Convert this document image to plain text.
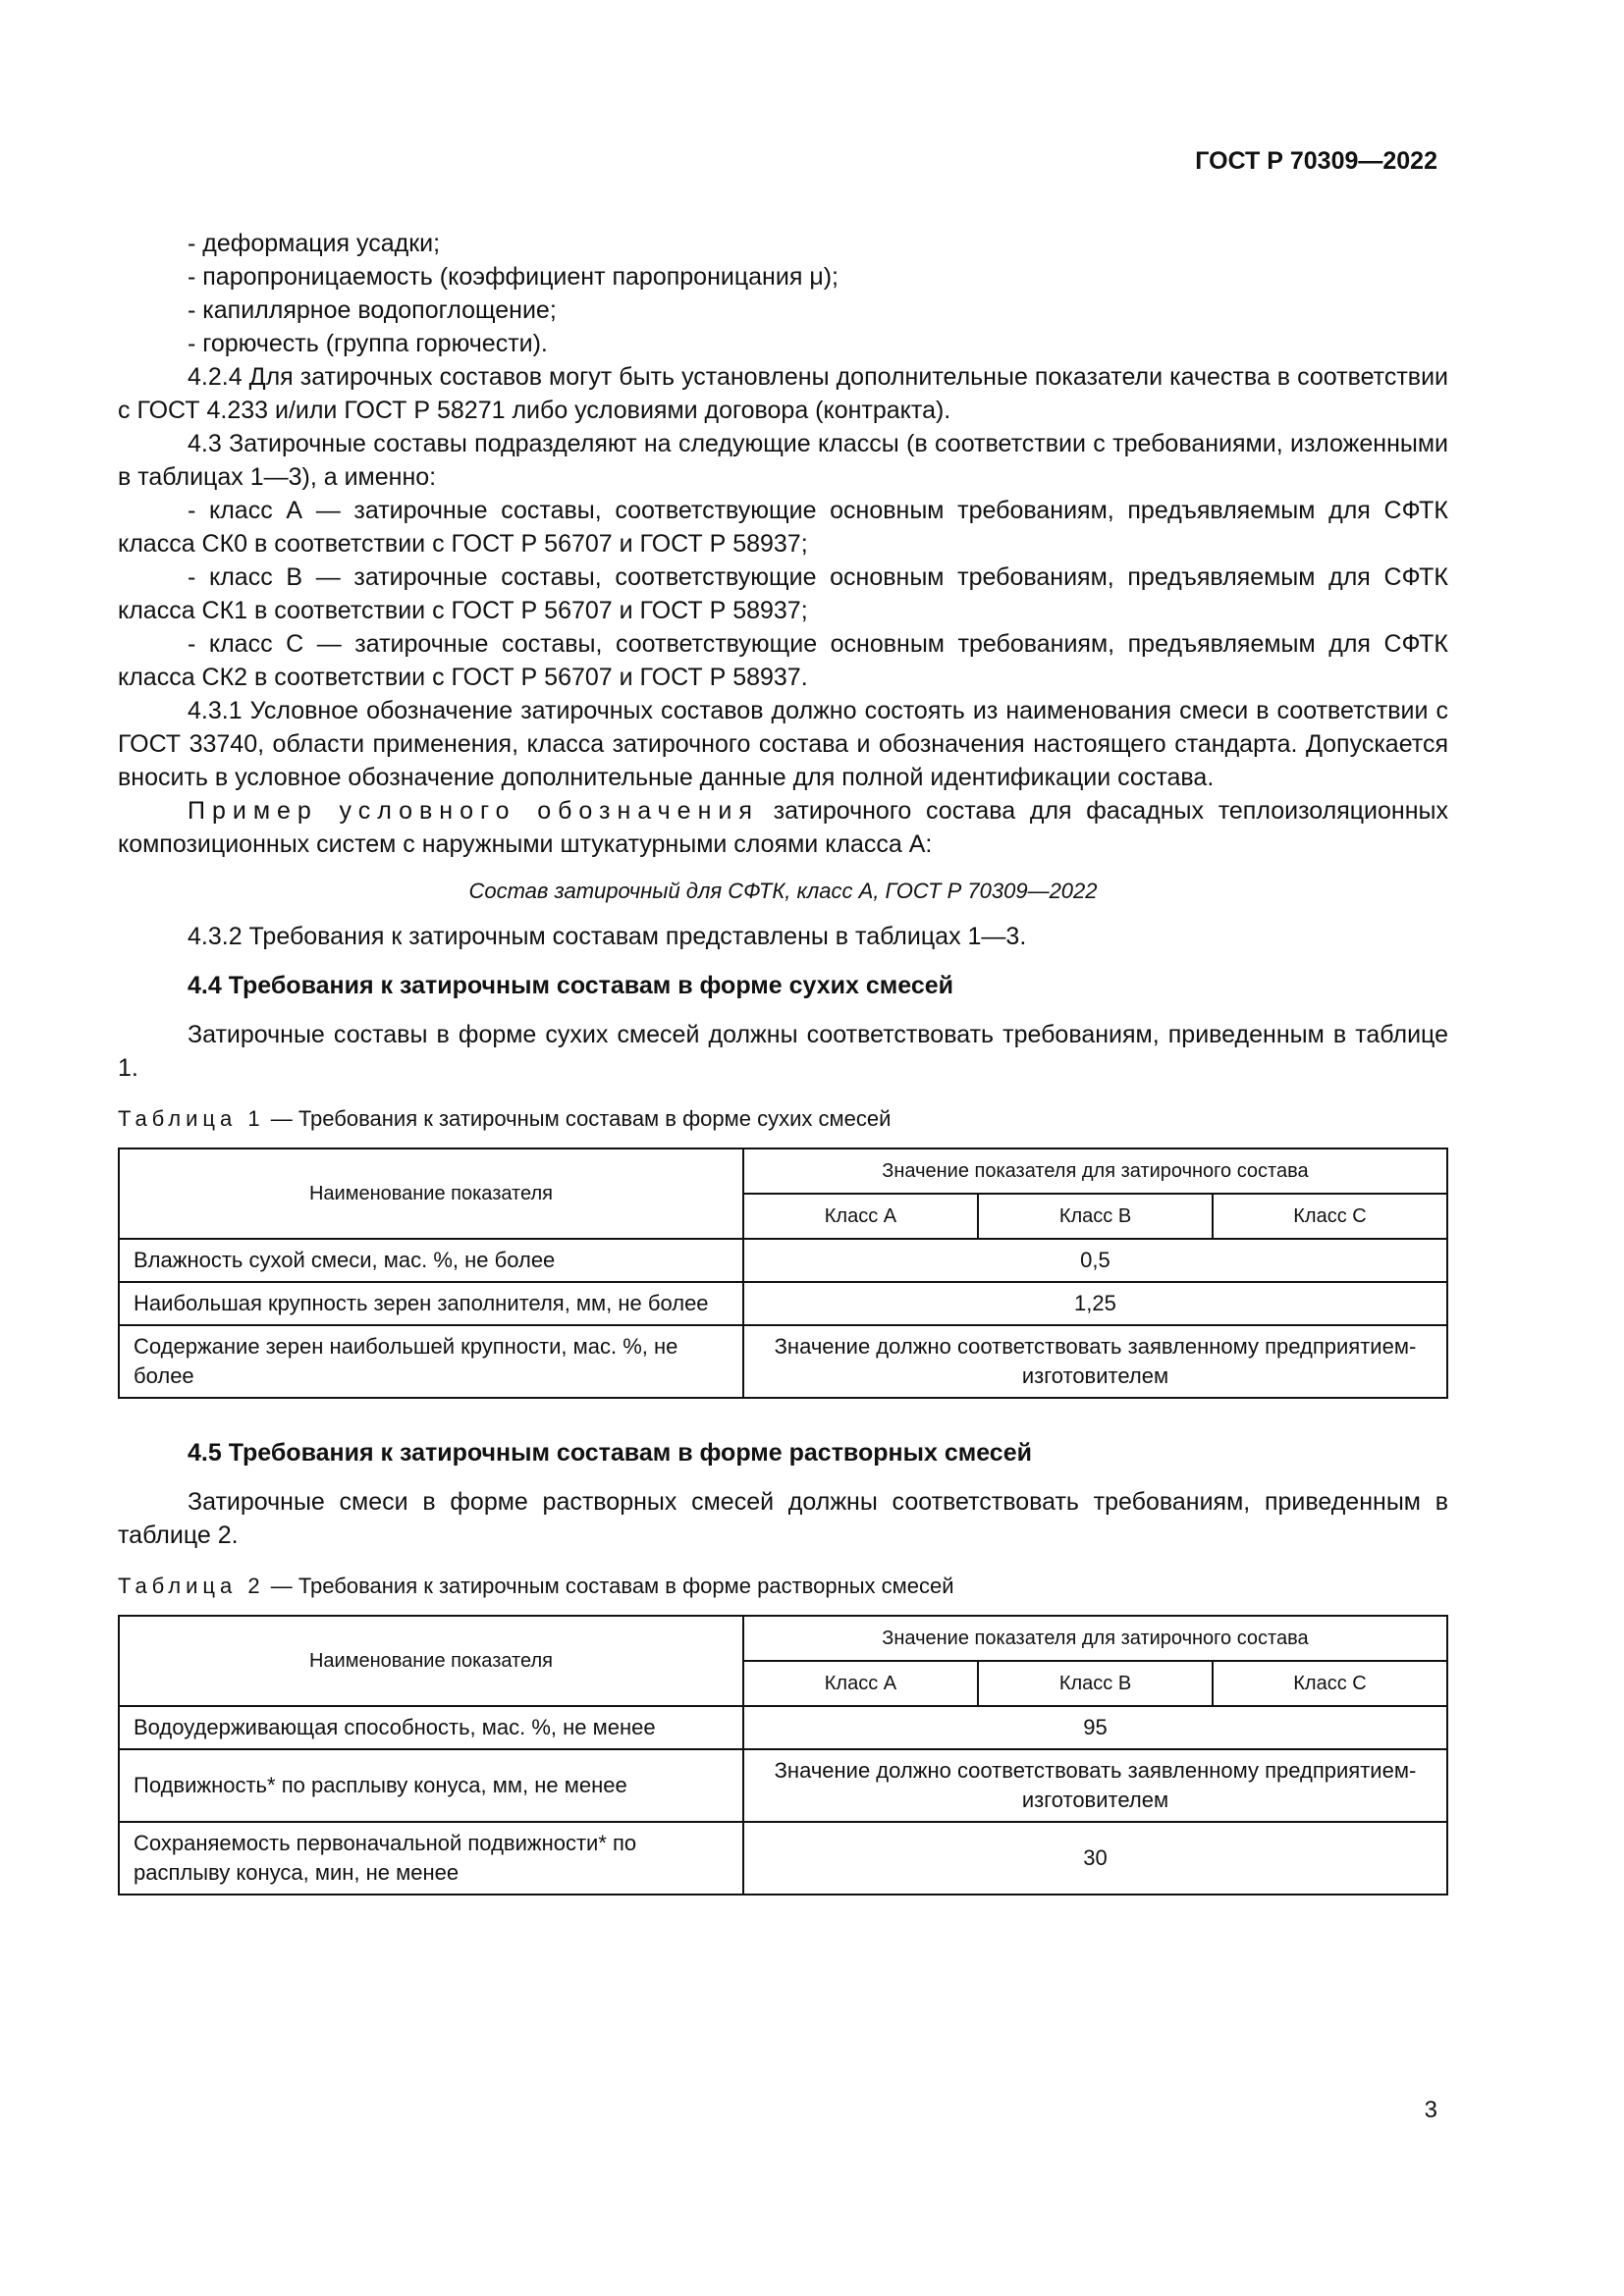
ГОСТ Р 70309—2022

- деформация усадки;

- паропроницаемость (коэффициент паропроницания μ);

- капиллярное водопоглощение;

- горючесть (группа горючести).

4.2.4 Для затирочных составов могут быть установлены дополнительные показатели качества в соответствии с ГОСТ 4.233 и/или ГОСТ Р 58271 либо условиями договора (контракта).

4.3 Затирочные составы подразделяют на следующие классы (в соответствии с требованиями, изложенными в таблицах 1—3), а именно:

- класс А — затирочные составы, соответствующие основным требованиям, предъявляемым для СФТК класса СК0 в соответствии с ГОСТ Р 56707 и ГОСТ Р 58937;

- класс В — затирочные составы, соответствующие основным требованиям, предъявляемым для СФТК класса СК1 в соответствии с ГОСТ Р 56707 и ГОСТ Р 58937;

- класс С — затирочные составы, соответствующие основным требованиям, предъявляемым для СФТК класса СК2 в соответствии с ГОСТ Р 56707 и ГОСТ Р 58937.

4.3.1 Условное обозначение затирочных составов должно состоять из наименования смеси в соответствии с ГОСТ 33740, области применения, класса затирочного состава и обозначения настоящего стандарта. Допускается вносить в условное обозначение дополнительные данные для полной идентификации состава.

Пример условного обозначения затирочного состава для фасадных теплоизоляционных композиционных систем с наружными штукатурными слоями класса А:

Состав затирочный для СФТК, класс А, ГОСТ Р 70309—2022

4.3.2 Требования к затирочным составам представлены в таблицах 1—3.

4.4 Требования к затирочным составам в форме сухих смесей

Затирочные составы в форме сухих смесей должны соответствовать требованиям, приведенным в таблице 1.

Таблица 1 — Требования к затирочным составам в форме сухих смесей

Наименование показателя	Значение показателя для затирочного состава		
	Класс А	Класс В	Класс С
Влажность сухой смеси, мас. %, не более	0,5		
Наибольшая крупность зерен заполнителя, мм, не более	1,25		
Содержание зерен наибольшей крупности, мас. %, не более	Значение должно соответствовать заявленному предприятием-изготовителем		

4.5 Требования к затирочным составам в форме растворных смесей

Затирочные смеси в форме растворных смесей должны соответствовать требованиям, приведенным в таблице 2.

Таблица 2 — Требования к затирочным составам в форме растворных смесей

Наименование показателя	Значение показателя для затирочного состава		
	Класс А	Класс В	Класс С
Водоудерживающая способность, мас. %, не менее	95		
Подвижность* по расплыву конуса, мм, не менее	Значение должно соответствовать заявленному предприятием-изготовителем		
Сохраняемость первоначальной подвижности* по расплыву конуса, мин, не менее	30		
3
